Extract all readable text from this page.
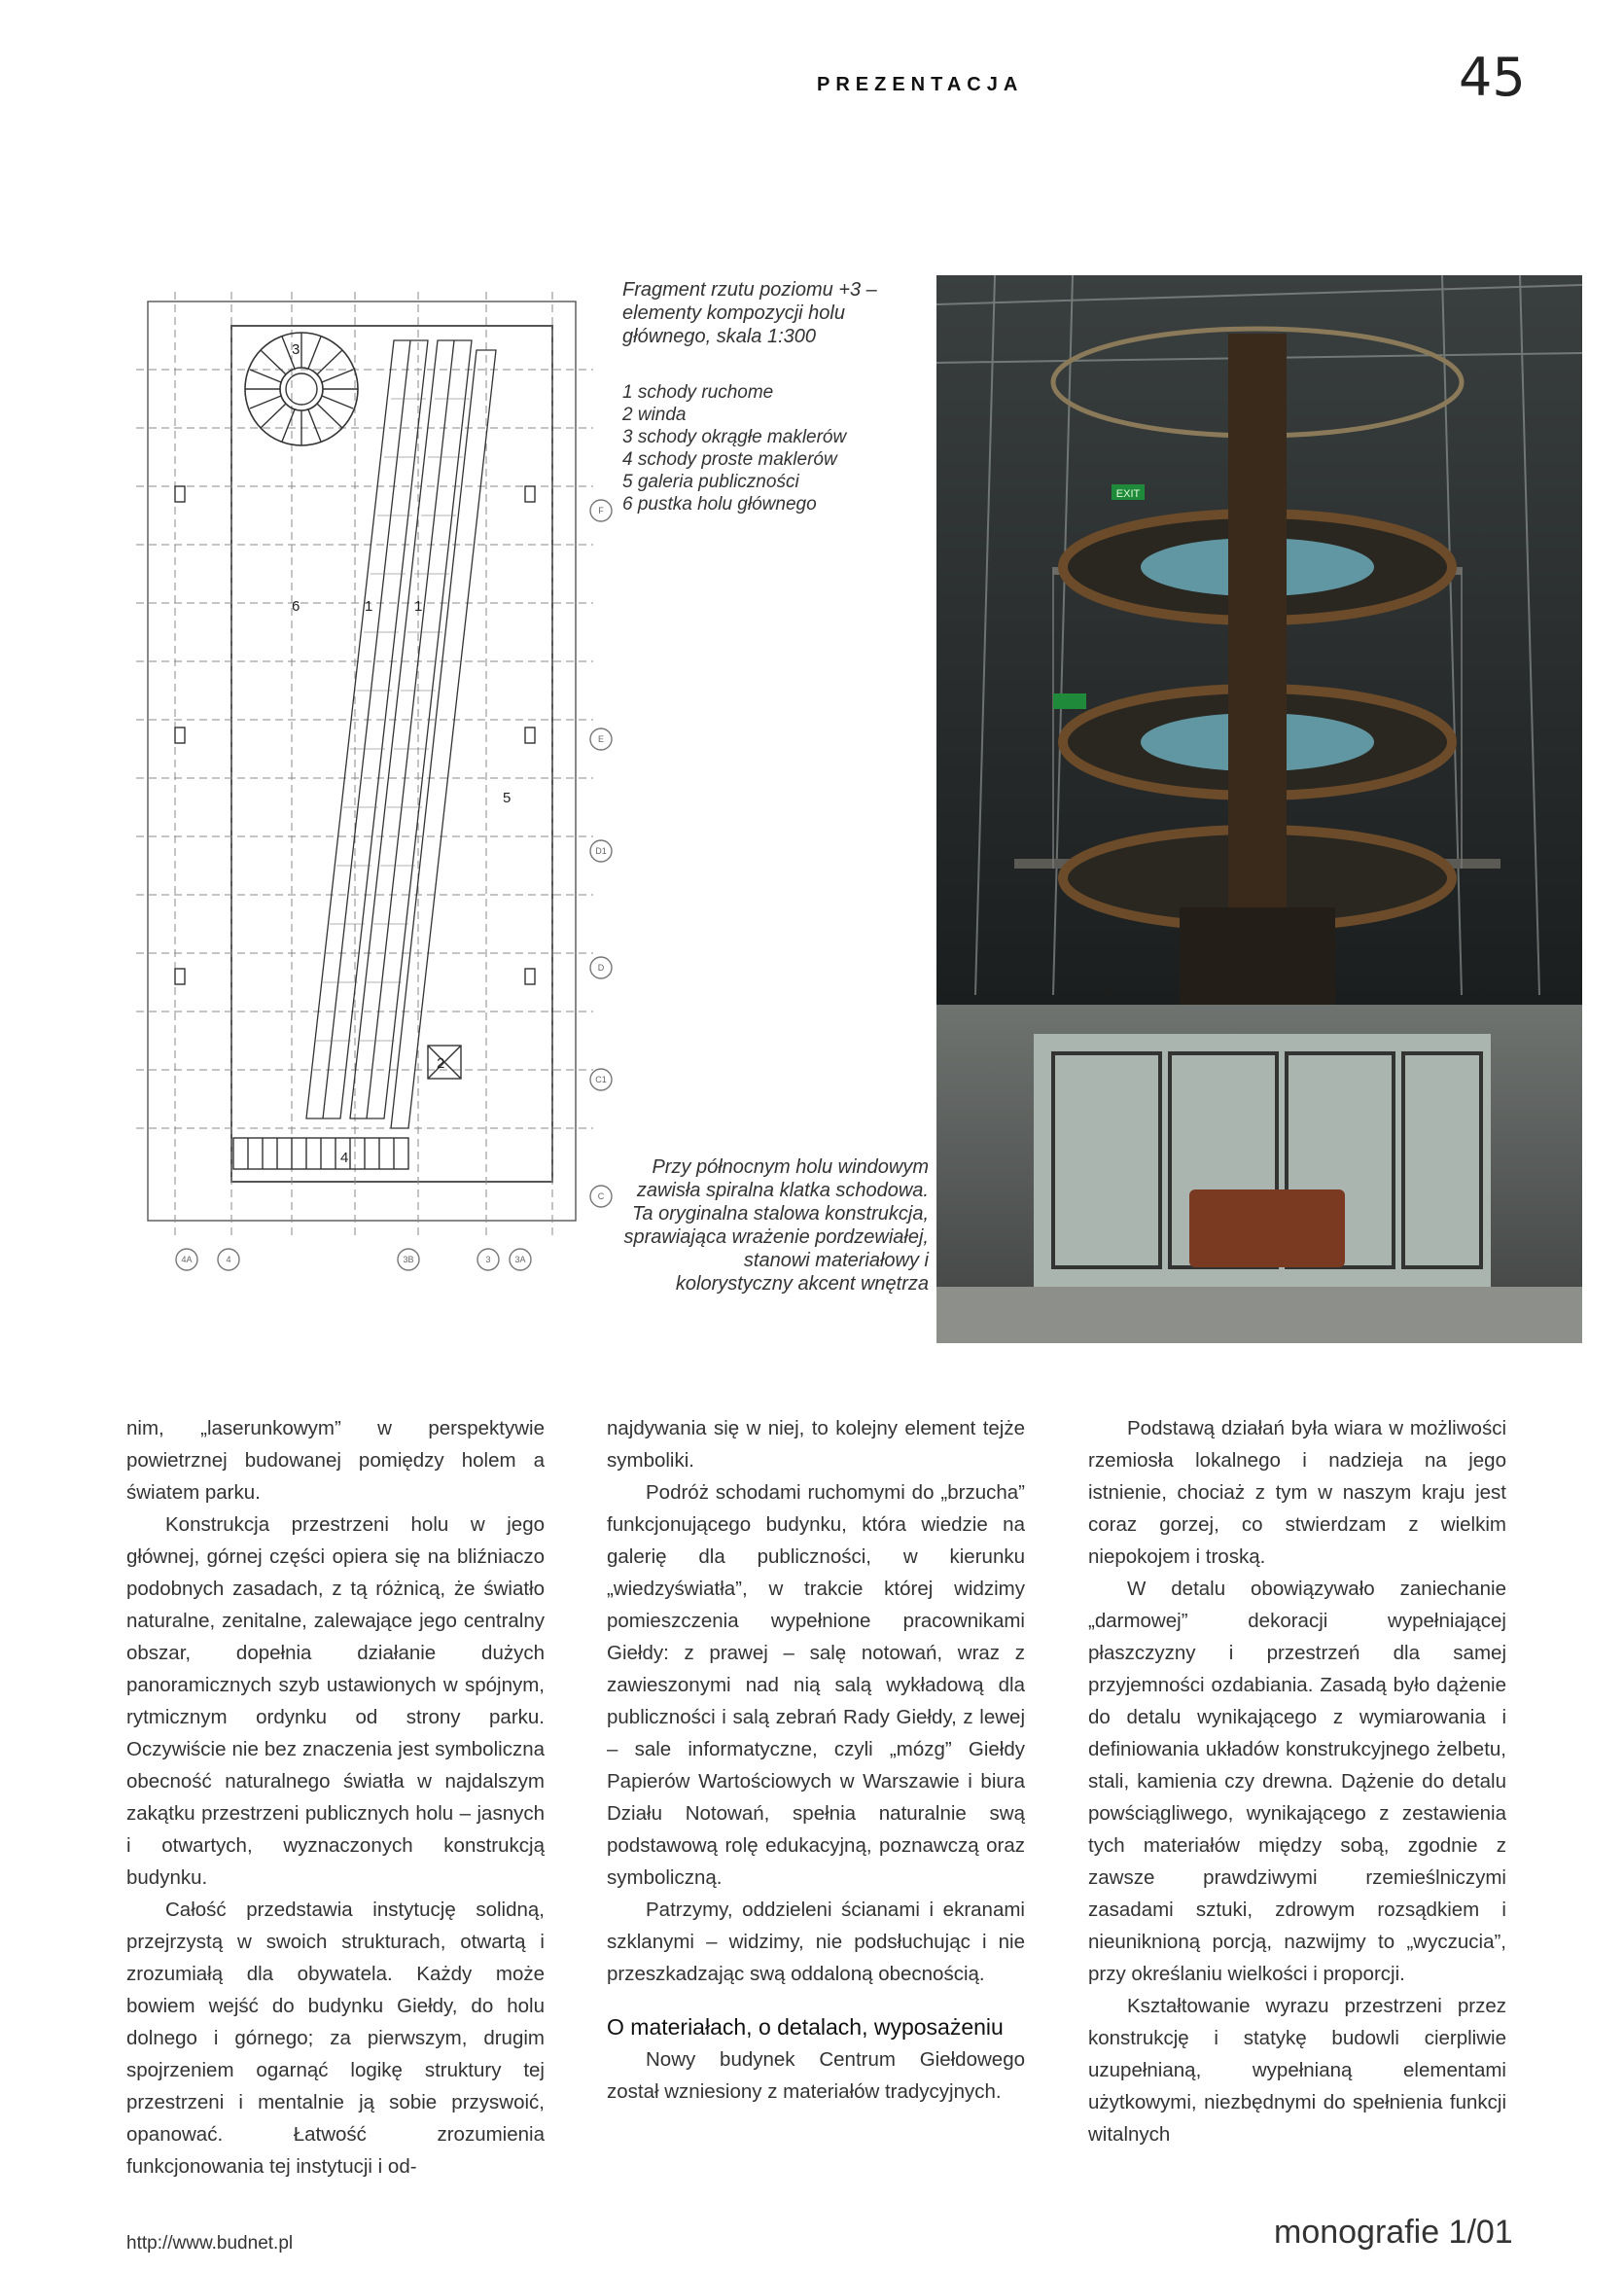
PREZENTACJA	45
1	1
2
3
4
5
6
F
E
D1
D
C1
C
4A	4	3B	3	3A
Fragment rzutu poziomu +3 – elementy kompozycji holu głównego, skala 1:300
1 schody ruchome
2 winda
3 schody okrągłe maklerów
4 schody proste maklerów
5 galeria publiczności
6 pustka holu głównego	EXIT
Przy północnym holu windowym zawisła spiralna klatka schodowa. Ta oryginalna stalowa konstrukcja, sprawiająca wrażenie pordzewiałej, stanowi materiałowy i kolorystyczny akcent wnętrza

nim, „laserunkowym” w perspektywie powietrznej budowanej pomiędzy holem a światem parku.

Konstrukcja przestrzeni holu w jego głównej, górnej części opiera się na bliźniaczo podobnych zasadach, z tą różnicą, że światło naturalne, zenitalne, zalewające jego centralny obszar, dopełnia działanie dużych panoramicznych szyb ustawionych w spójnym, rytmicznym ordynku od strony parku. Oczywiście nie bez znaczenia jest symboliczna obecność naturalnego światła w najdalszym zakątku przestrzeni publicznych holu – jasnych i otwartych, wyznaczonych konstrukcją budynku.

Całość przedstawia instytucję solidną, przejrzystą w swoich strukturach, otwartą i zrozumiałą dla obywatela. Każdy może bowiem wejść do budynku Giełdy, do holu dolnego i górnego; za pierwszym, drugim spojrzeniem ogarnąć logikę struktury tej przestrzeni i mentalnie ją sobie przyswoić, opanować. Łatwość zrozumienia funkcjonowania tej instytucji i od-

najdywania się w niej, to kolejny element tejże symboliki.

Podróż schodami ruchomymi do „brzucha” funkcjonującego budynku, która wiedzie na galerię dla publiczności, w kierunku „wiedzyświatła”, w trakcie której widzimy pomieszczenia wypełnione pracownikami Giełdy: z prawej – salę notowań, wraz z zawieszonymi nad nią salą wykładową dla publiczności i salą zebrań Rady Giełdy, z lewej – sale informatyczne, czyli „mózg” Giełdy Papierów Wartościowych w Warszawie i biura Działu Notowań, spełnia naturalnie swą podstawową rolę edukacyjną, poznawczą oraz symboliczną.

Patrzymy, oddzieleni ścianami i ekranami szklanymi – widzimy, nie podsłuchując i nie przeszkadzając swą oddaloną obecnością.

O materiałach, o detalach, wyposażeniu

Nowy budynek Centrum Giełdowego został wzniesiony z materiałów tradycyjnych.

Podstawą działań była wiara w możliwości rzemiosła lokalnego i nadzieja na jego istnienie, chociaż z tym w naszym kraju jest coraz gorzej, co stwierdzam z wielkim niepokojem i troską.

W detalu obowiązywało zaniechanie „darmowej” dekoracji wypełniającej płaszczyzny i przestrzeń dla samej przyjemności ozdabiania. Zasadą było dążenie do detalu wynikającego z wymiarowania i definiowania układów konstrukcyjnego żelbetu, stali, kamienia czy drewna. Dążenie do detalu powściągliwego, wynikającego z zestawienia tych materiałów między sobą, zgodnie z zawsze prawdziwymi rzemieślniczymi zasadami sztuki, zdrowym rozsądkiem i nieuniknioną porcją, nazwijmy to „wyczucia”, przy określaniu wielkości i proporcji.

Kształtowanie wyrazu przestrzeni przez konstrukcję i statykę budowli cierpliwie uzupełnianą, wypełnianą elementami użytkowymi, niezbędnymi do spełnienia funkcji witalnych

http://www.budnet.pl	monografie 1/01
